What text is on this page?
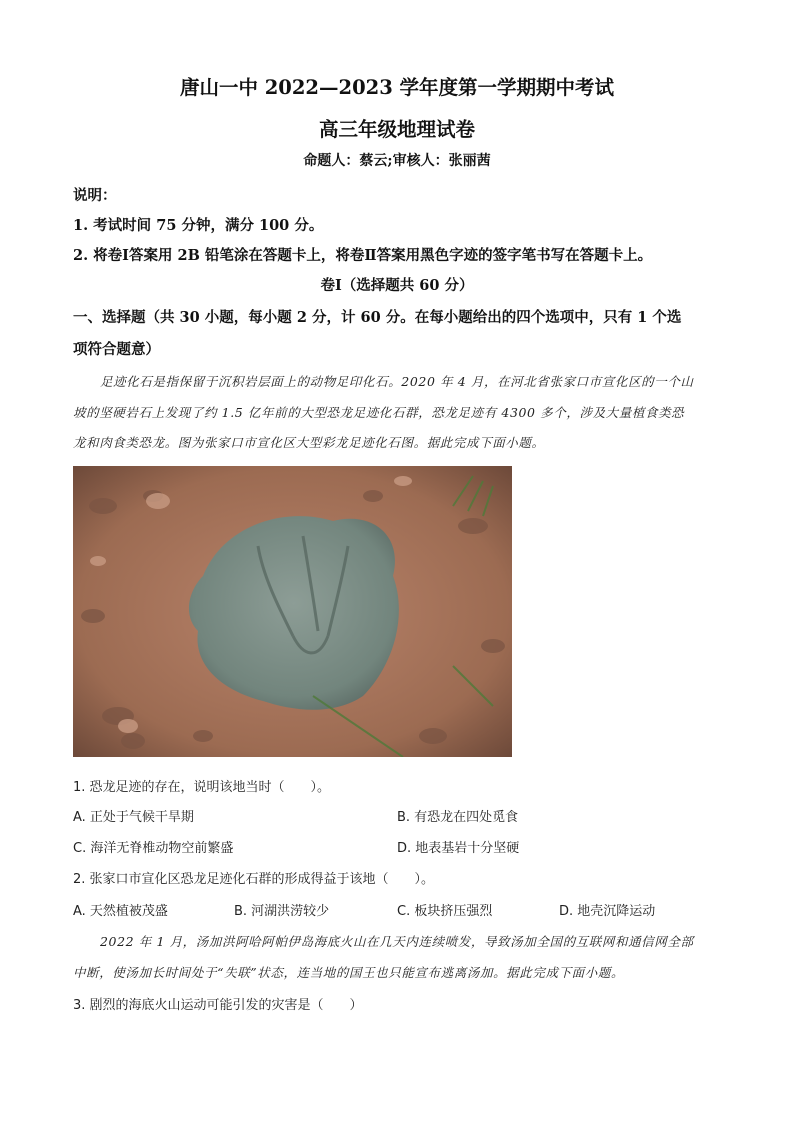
唐山一中 2022—2023 学年度第一学期期中考试
高三年级地理试卷
命题人：蔡云;审核人：张丽茜
说明：
1. 考试时间 75 分钟，满分 100 分。
2. 将卷Ⅰ答案用 2B 铅笔涂在答题卡上，将卷Ⅱ答案用黑色字迹的签字笔书写在答题卡上。
卷Ⅰ（选择题共 60 分）
一、选择题（共 30 小题，每小题 2 分，计 60 分。在每小题给出的四个选项中，只有 1 个选
项符合题意）
足迹化石是指保留于沉积岩层面上的动物足印化石。2020 年 4 月，在河北省张家口市宣化区的一个山
坡的坚硬岩石上发现了约 1.5 亿年前的大型恐龙足迹化石群，恐龙足迹有 4300 多个，涉及大量植食类恐
龙和肉食类恐龙。图为张家口市宣化区大型彩龙足迹化石图。据此完成下面小题。
1. 恐龙足迹的存在，说明该地当时（　　）。
A. 正处于气候干旱期	B. 有恐龙在四处觅食
C. 海洋无脊椎动物空前繁盛	D. 地表基岩十分坚硬
2. 张家口市宣化区恐龙足迹化石群的形成得益于该地（　　）。
A. 天然植被茂盛	B. 河湖洪涝较少	C. 板块挤压强烈	D. 地壳沉降运动
2022 年 1 月，汤加洪阿哈阿帕伊岛海底火山在几天内连续喷发，导致汤加全国的互联网和通信网全部
中断，使汤加长时间处于“失联”状态，连当地的国王也只能宣布逃离汤加。据此完成下面小题。
3. 剧烈的海底火山运动可能引发的灾害是（　　）
